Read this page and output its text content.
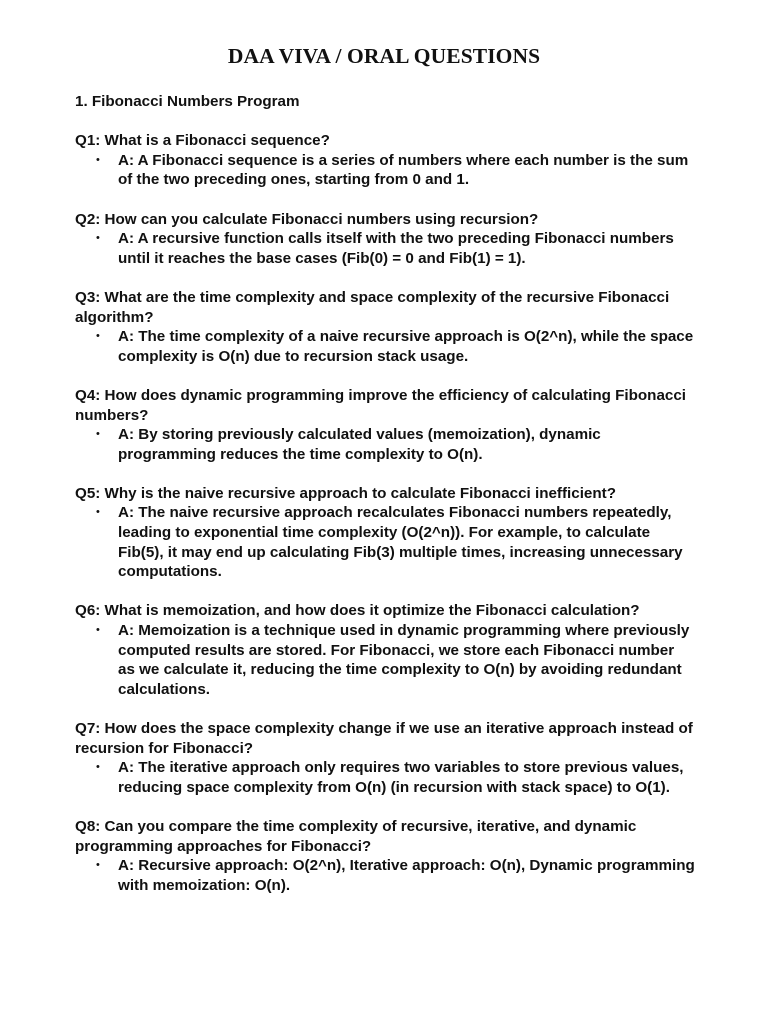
DAA VIVA / ORAL QUESTIONS

1. Fibonacci Numbers Program

Q1: What is a Fibonacci sequence?

• A: A Fibonacci sequence is a series of numbers where each number is the sum of the two preceding ones, starting from 0 and 1.

Q2: How can you calculate Fibonacci numbers using recursion?

• A: A recursive function calls itself with the two preceding Fibonacci numbers until it reaches the base cases (Fib(0) = 0 and Fib(1) = 1).

Q3: What are the time complexity and space complexity of the recursive Fibonacci algorithm?

• A: The time complexity of a naive recursive approach is O(2^n), while the space complexity is O(n) due to recursion stack usage.

Q4: How does dynamic programming improve the efficiency of calculating Fibonacci numbers?

• A: By storing previously calculated values (memoization), dynamic programming reduces the time complexity to O(n).

Q5: Why is the naive recursive approach to calculate Fibonacci inefficient?

• A: The naive recursive approach recalculates Fibonacci numbers repeatedly, leading to exponential time complexity (O(2^n)). For example, to calculate Fib(5), it may end up calculating Fib(3) multiple times, increasing unnecessary computations.

Q6: What is memoization, and how does it optimize the Fibonacci calculation?

• A: Memoization is a technique used in dynamic programming where previously computed results are stored. For Fibonacci, we store each Fibonacci number as we calculate it, reducing the time complexity to O(n) by avoiding redundant calculations.

Q7: How does the space complexity change if we use an iterative approach instead of recursion for Fibonacci?

• A: The iterative approach only requires two variables to store previous values, reducing space complexity from O(n) (in recursion with stack space) to O(1).

Q8: Can you compare the time complexity of recursive, iterative, and dynamic programming approaches for Fibonacci?

• A: Recursive approach: O(2^n), Iterative approach: O(n), Dynamic programming with memoization: O(n).
